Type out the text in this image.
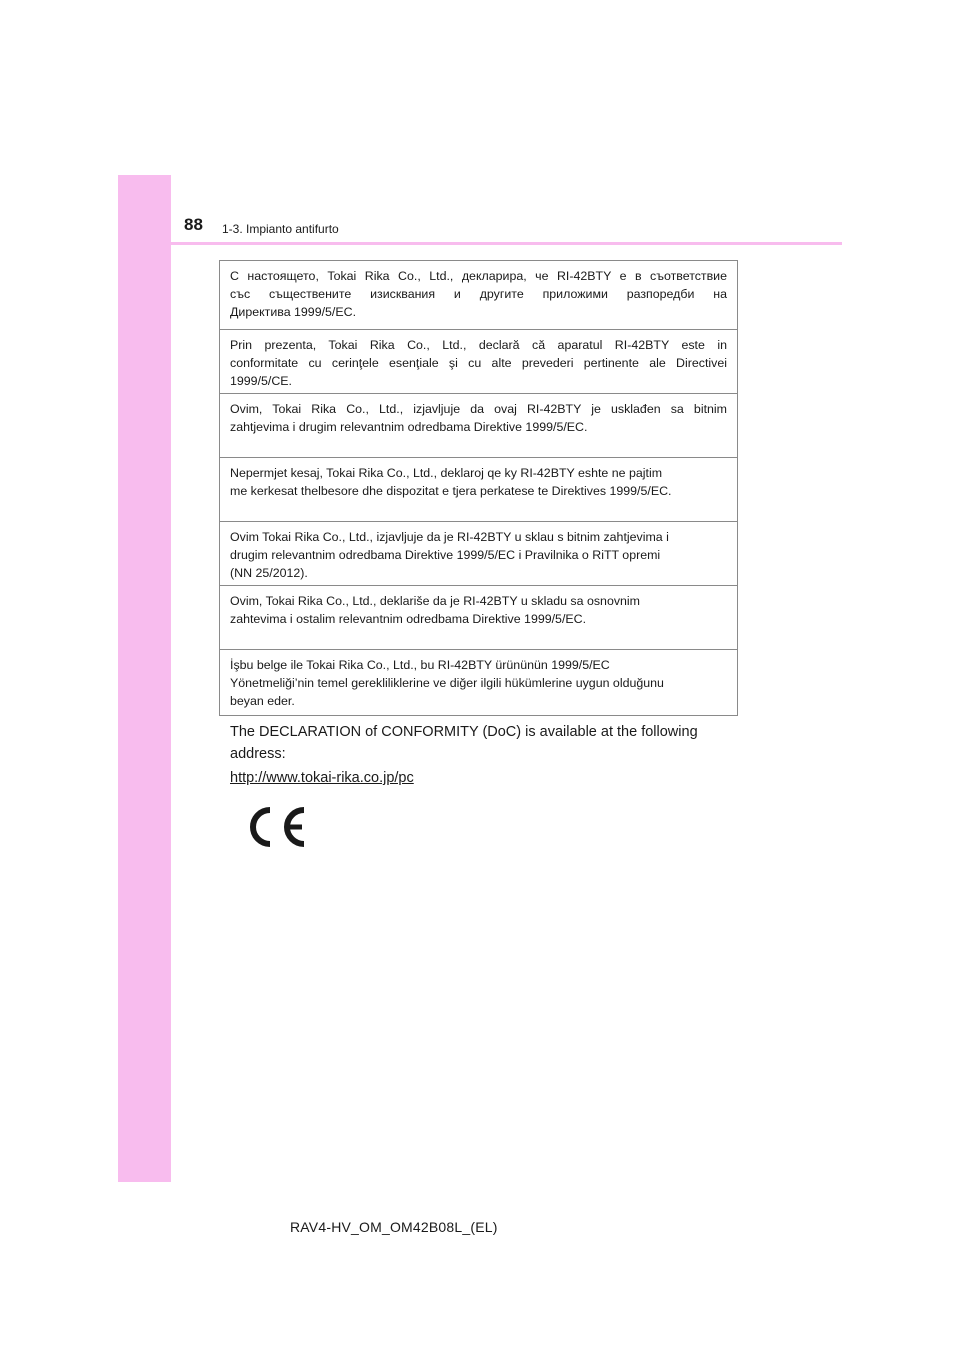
88 1-3. Impianto antifurto
С настоящето, Tokai Rika Co., Ltd., декларира, че RI-42BTY е в съответствие
със съществените изисквания и другите приложими разпоредби на
Директива 1999/5/ЕС.
Prin prezenta, Tokai Rika Co., Ltd., declară că aparatul RI-42BTY este in
conformitate cu cerinţele esenţiale şi cu alte prevederi pertinente ale Directivei
1999/5/CE.
Ovim, Tokai Rika Co., Ltd., izjavljuje da ovaj RI-42BTY je usklađen sa bitnim
zahtjevima i drugim relevantnim odredbama Direktive 1999/5/EC.
Nepermjet kesaj, Tokai Rika Co., Ltd., deklaroj qe ky RI-42BTY eshte ne pajtim
me kerkesat thelbesore dhe dispozitat e tjera perkatese te Direktives 1999/5/EC.
Ovim Tokai Rika Co., Ltd., izjavljuje da je RI-42BTY u sklau s bitnim zahtjevima i
drugim relevantnim odredbama Direktive 1999/5/EC i Pravilnika o RiTT opremi
(NN 25/2012).
Ovim, Tokai Rika Co., Ltd., deklariše da je RI-42BTY u skladu sa osnovnim
zahtevima i ostalim relevantnim odredbama Direktive 1999/5/EC.
İşbu belge ile Tokai Rika Co., Ltd., bu RI-42BTY ürününün 1999/5/EC
Yönetmeliği’nin temel gerekliliklerine ve diğer ilgili hükümlerine uygun olduğunu
beyan eder.

The DECLARATION of CONFORMITY (DoC) is available at the following

address:

http://www.tokai-rika.co.jp/pc
RAV4-HV_OM_OM42B08L_(EL)
